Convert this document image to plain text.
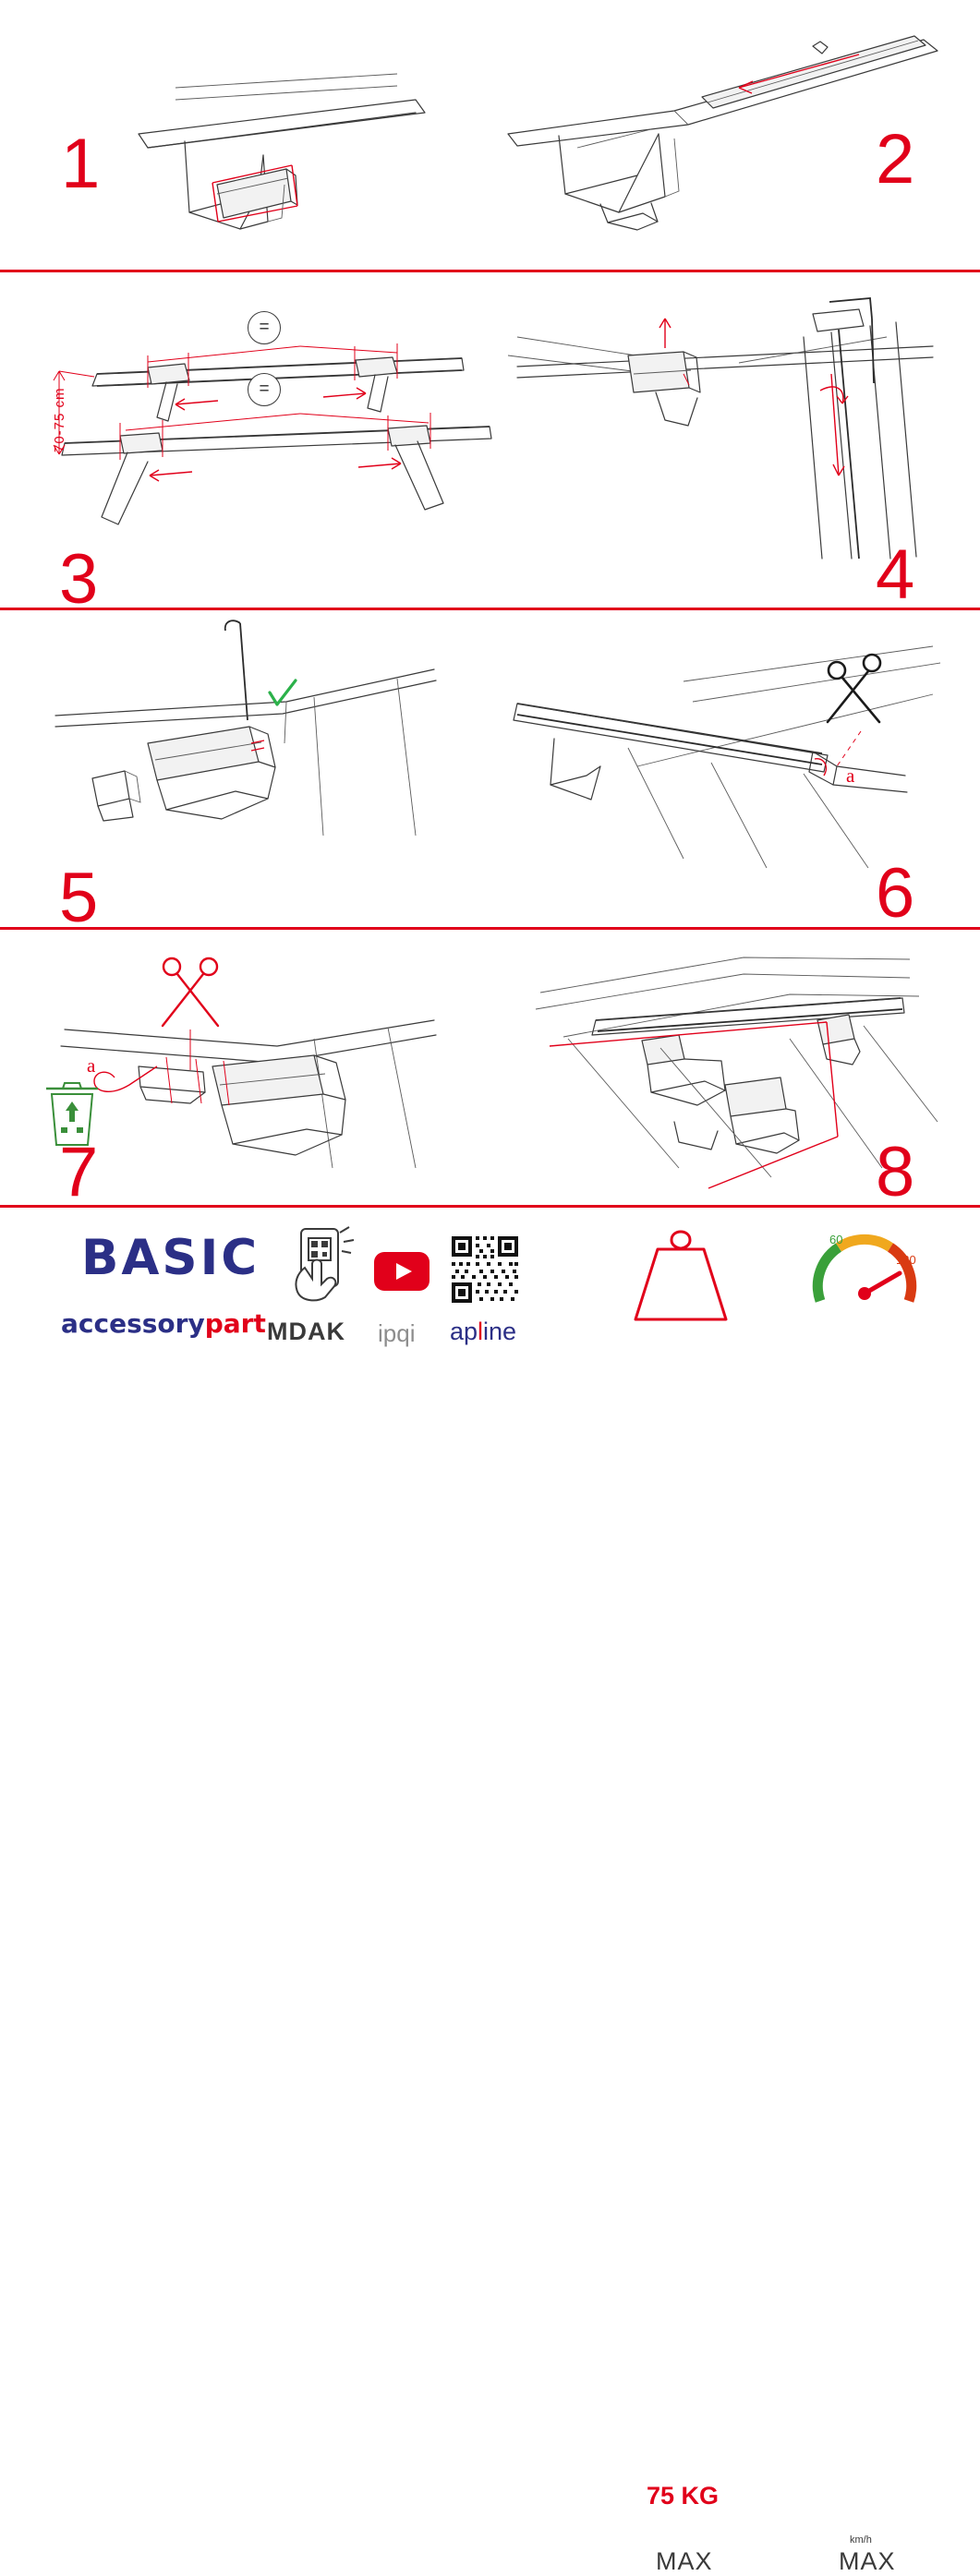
1	2
70-75 cm
=
=
3	4
5
a
6
a
7	8
BASIC
accessorypart
75 KG
MAX
60
120
km/h
MAX
MDAK ipqi apline
